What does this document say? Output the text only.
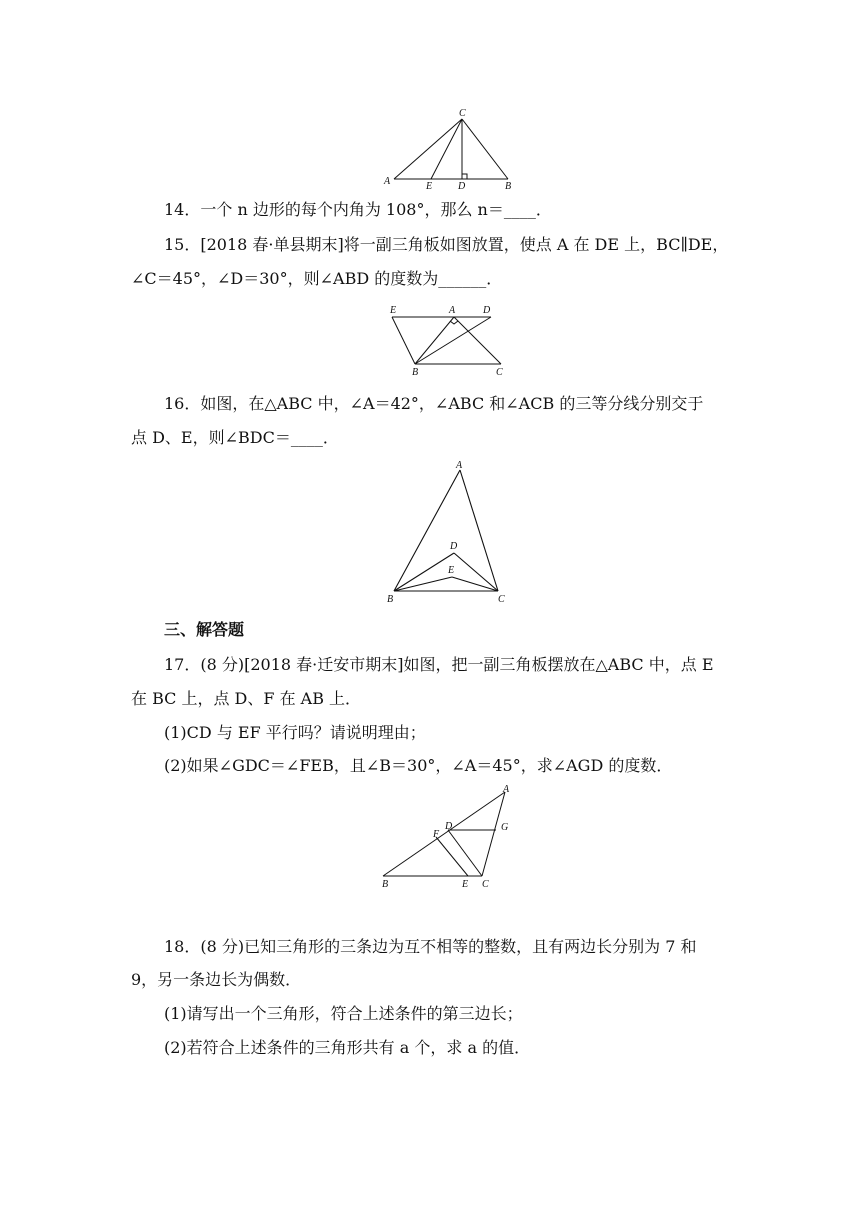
C
A	E	D	B
14．一个 n 边形的每个内角为 108°，那么 n＝____．
15．[2018 春·单县期末]将一副三角板如图放置，使点 A 在 DE 上，BC∥DE，
∠C＝45°，∠D＝30°，则∠ABD 的度数为______．
E	A	D
B	C
16．如图，在△ABC 中，∠A＝42°，∠ABC 和∠ACB 的三等分线分别交于
点 D、E，则∠BDC＝____．
A
D
E
B	C
三、解答题
17．(8 分)[2018 春·迁安市期末]如图，把一副三角板摆放在△ABC 中，点 E
在 BC 上，点 D、F 在 AB 上．
(1)CD 与 EF 平行吗？请说明理由；
(2)如果∠GDC＝∠FEB，且∠B＝30°，∠A＝45°，求∠AGD 的度数．
A
D	G
F
B	E C
18．(8 分)已知三角形的三条边为互不相等的整数，且有两边长分别为 7 和
9，另一条边长为偶数．
(1)请写出一个三角形，符合上述条件的第三边长；
(2)若符合上述条件的三角形共有 a 个，求 a 的值．
